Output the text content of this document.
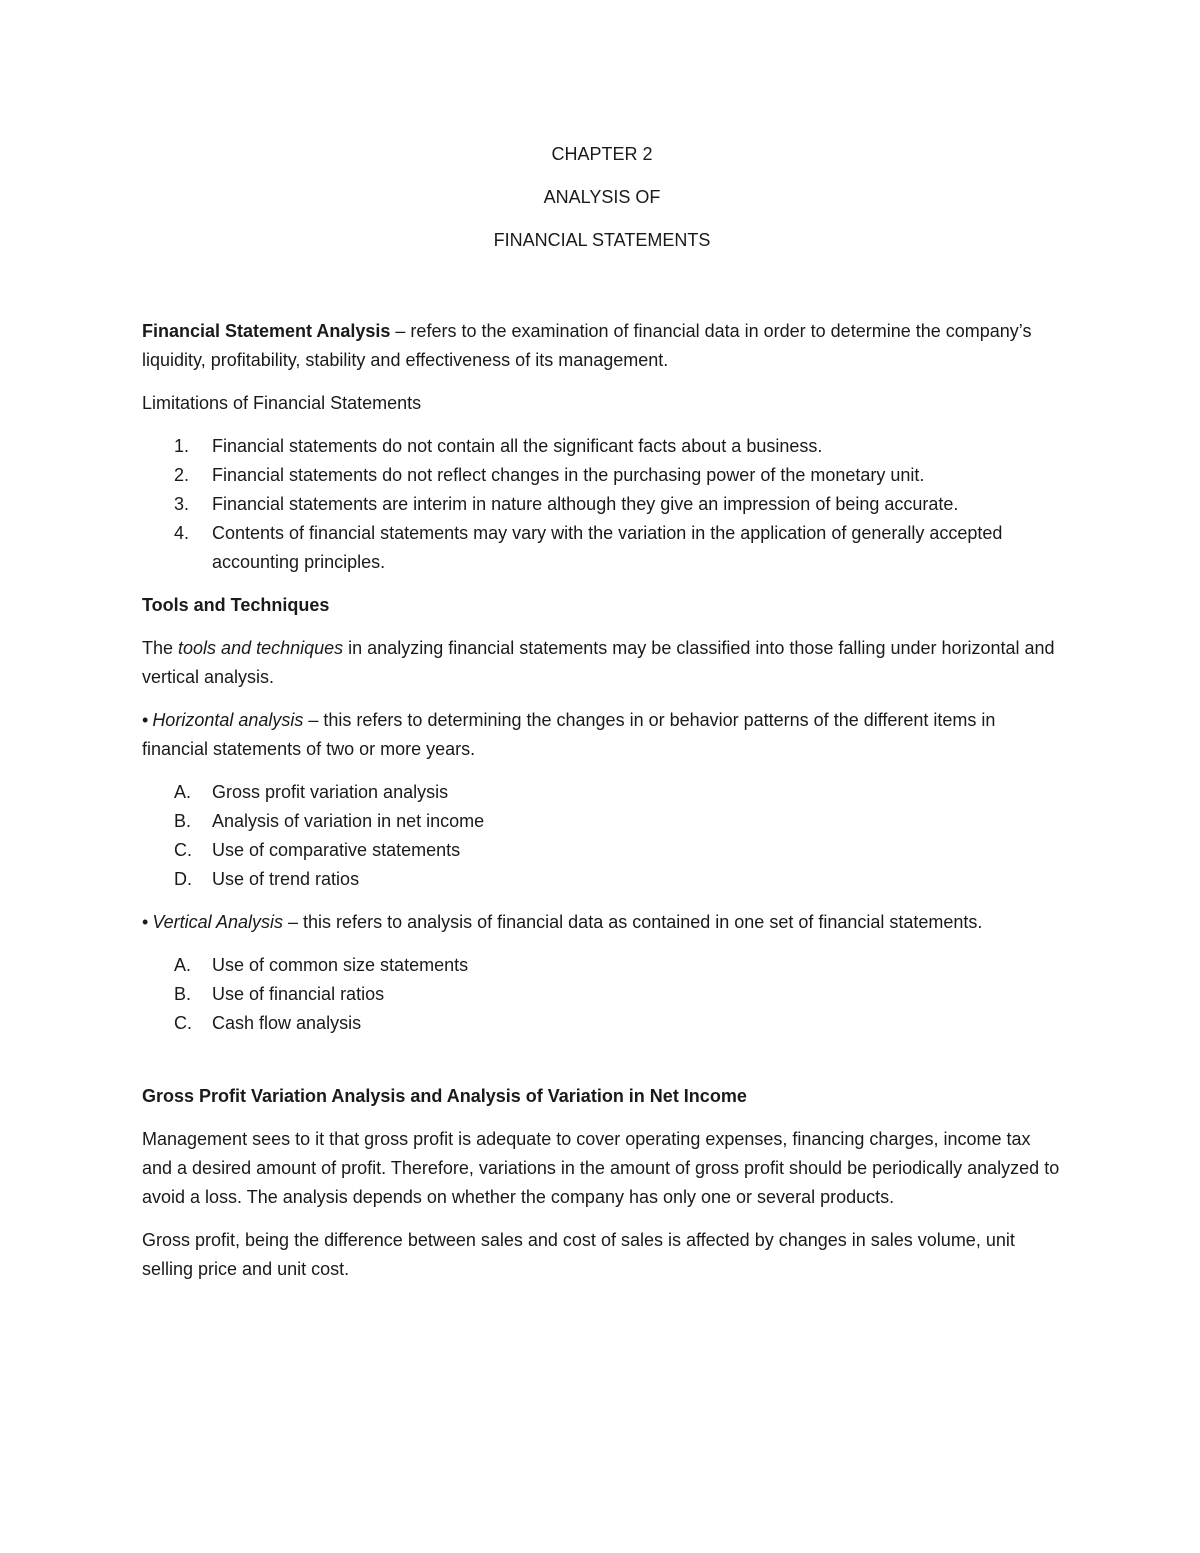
CHAPTER 2

ANALYSIS OF

FINANCIAL STATEMENTS

Financial Statement Analysis – refers to the examination of financial data in order to determine the company’s liquidity, profitability, stability and effectiveness of its management.

Limitations of Financial Statements

1. Financial statements do not contain all the significant facts about a business.
2. Financial statements do not reflect changes in the purchasing power of the monetary unit.
3. Financial statements are interim in nature although they give an impression of being accurate.
4. Contents of financial statements may vary with the variation in the application of generally accepted accounting principles.

Tools and Techniques

The tools and techniques in analyzing financial statements may be classified into those falling under horizontal and vertical analysis.

• Horizontal analysis – this refers to determining the changes in or behavior patterns of the different items in financial statements of two or more years.

A. Gross profit variation analysis
B. Analysis of variation in net income
C. Use of comparative statements
D. Use of trend ratios

• Vertical Analysis – this refers to analysis of financial data as contained in one set of financial statements.

A. Use of common size statements
B. Use of financial ratios
C. Cash flow analysis

Gross Profit Variation Analysis and Analysis of Variation in Net Income

Management sees to it that gross profit is adequate to cover operating expenses, financing charges, income tax and a desired amount of profit. Therefore, variations in the amount of gross profit should be periodically analyzed to avoid a loss. The analysis depends on whether the company has only one or several products.

Gross profit, being the difference between sales and cost of sales is affected by changes in sales volume, unit selling price and unit cost.
